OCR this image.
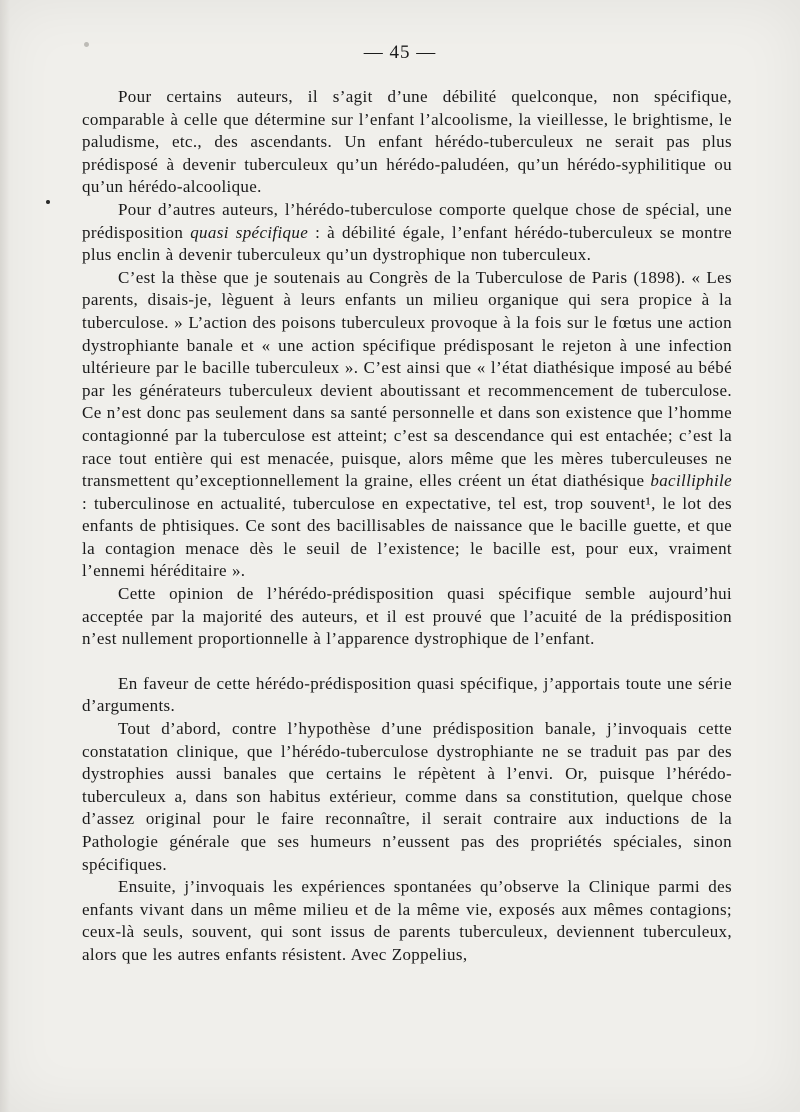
— 45 —

Pour certains auteurs, il s’agit d’une débilité quelconque, non spécifique, comparable à celle que détermine sur l’enfant l’alcoolisme, la vieillesse, le brightisme, le paludisme, etc., des ascendants. Un enfant hérédo-tuberculeux ne serait pas plus prédisposé à devenir tuberculeux qu’un hérédo-paludéen, qu’un hérédo-syphilitique ou qu’un hérédo-alcoolique.

Pour d’autres auteurs, l’hérédo-tuberculose comporte quelque chose de spécial, une prédisposition quasi spécifique : à débilité égale, l’enfant hérédo-tuberculeux se montre plus enclin à devenir tuberculeux qu’un dystrophique non tuberculeux.

C’est la thèse que je soutenais au Congrès de la Tuberculose de Paris (1898). « Les parents, disais-je, lèguent à leurs enfants un milieu organique qui sera propice à la tuberculose. » L’action des poisons tuberculeux provoque à la fois sur le fœtus une action dystrophiante banale et « une action spécifique prédisposant le rejeton à une infection ultérieure par le bacille tuberculeux ». C’est ainsi que « l’état diathésique imposé au bébé par les générateurs tuberculeux devient aboutissant et recommencement de tuberculose. Ce n’est donc pas seulement dans sa santé personnelle et dans son existence que l’homme contagionné par la tuberculose est atteint; c’est sa descendance qui est entachée; c’est la race tout entière qui est menacée, puisque, alors même que les mères tuberculeuses ne transmettent qu’exceptionnellement la graine, elles créent un état diathésique bacilliphile : tuberculinose en actualité, tuberculose en expectative, tel est, trop souvent¹, le lot des enfants de phtisiques. Ce sont des bacillisables de naissance que le bacille guette, et que la contagion menace dès le seuil de l’existence; le bacille est, pour eux, vraiment l’ennemi héréditaire ».

Cette opinion de l’hérédo-prédisposition quasi spécifique semble aujourd’hui acceptée par la majorité des auteurs, et il est prouvé que l’acuité de la prédisposition n’est nullement proportionnelle à l’apparence dystrophique de l’enfant.

En faveur de cette hérédo-prédisposition quasi spécifique, j’apportais toute une série d’arguments.

Tout d’abord, contre l’hypothèse d’une prédisposition banale, j’invoquais cette constatation clinique, que l’hérédo-tuberculose dystrophiante ne se traduit pas par des dystrophies aussi banales que certains le répètent à l’envi. Or, puisque l’hérédo-tuberculeux a, dans son habitus extérieur, comme dans sa constitution, quelque chose d’assez original pour le faire reconnaître, il serait contraire aux inductions de la Pathologie générale que ses humeurs n’eussent pas des propriétés spéciales, sinon spécifiques.

Ensuite, j’invoquais les expériences spontanées qu’observe la Clinique parmi des enfants vivant dans un même milieu et de la même vie, exposés aux mêmes contagions; ceux-là seuls, souvent, qui sont issus de parents tuberculeux, deviennent tuberculeux, alors que les autres enfants résistent. Avec Zoppelius,
